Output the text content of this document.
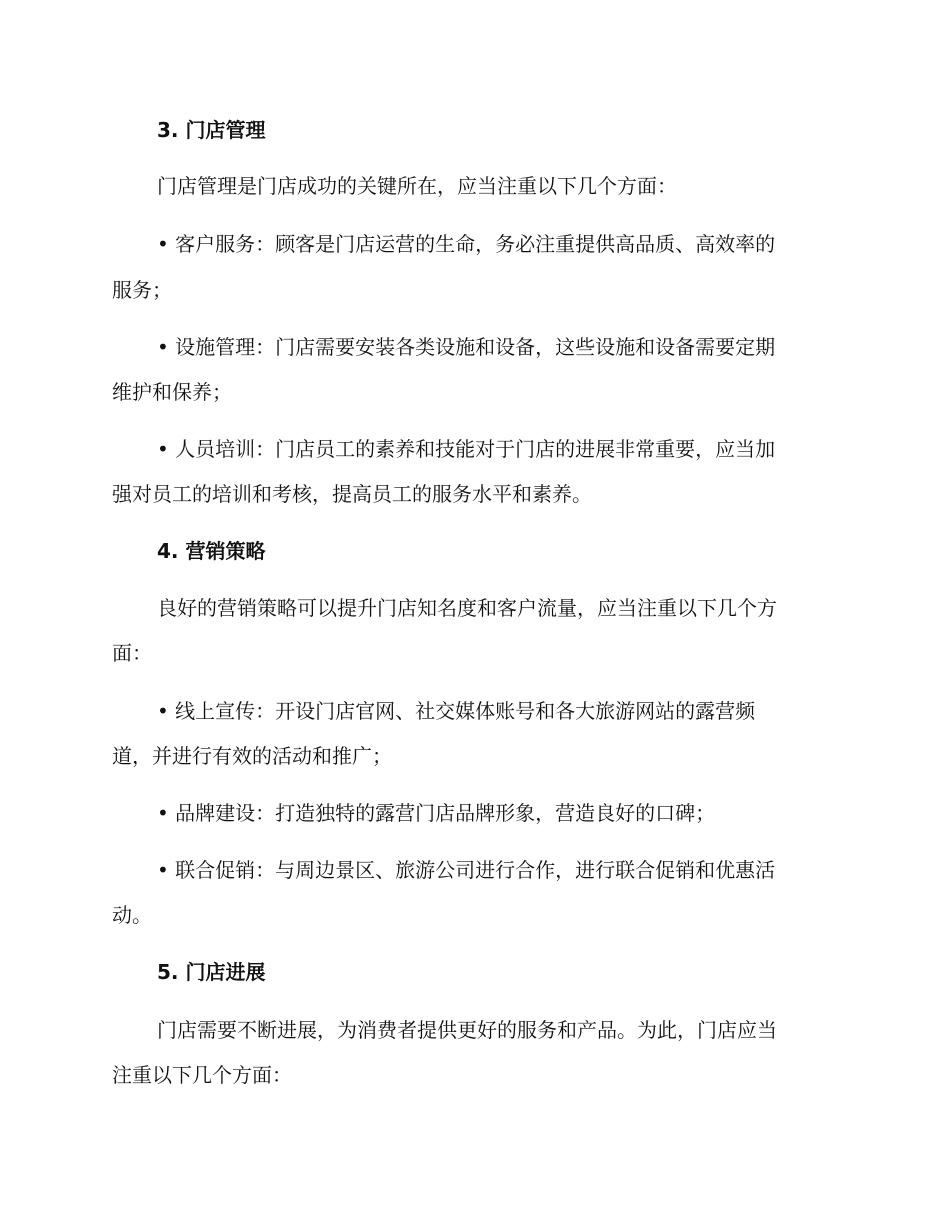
3. 门店管理
门店管理是门店成功的关键所在，应当注重以下几个方面：
• 客户服务：顾客是门店运营的生命，务必注重提供高品质、高效率的
服务；
• 设施管理：门店需要安装各类设施和设备，这些设施和设备需要定期
维护和保养；
• 人员培训：门店员工的素养和技能对于门店的进展非常重要，应当加
强对员工的培训和考核，提高员工的服务水平和素养。
4. 营销策略
良好的营销策略可以提升门店知名度和客户流量，应当注重以下几个方
面：
• 线上宣传：开设门店官网、社交媒体账号和各大旅游网站的露营频
道，并进行有效的活动和推广；
• 品牌建设：打造独特的露营门店品牌形象，营造良好的口碑；
• 联合促销：与周边景区、旅游公司进行合作，进行联合促销和优惠活
动。
5. 门店进展
门店需要不断进展，为消费者提供更好的服务和产品。为此，门店应当
注重以下几个方面：
